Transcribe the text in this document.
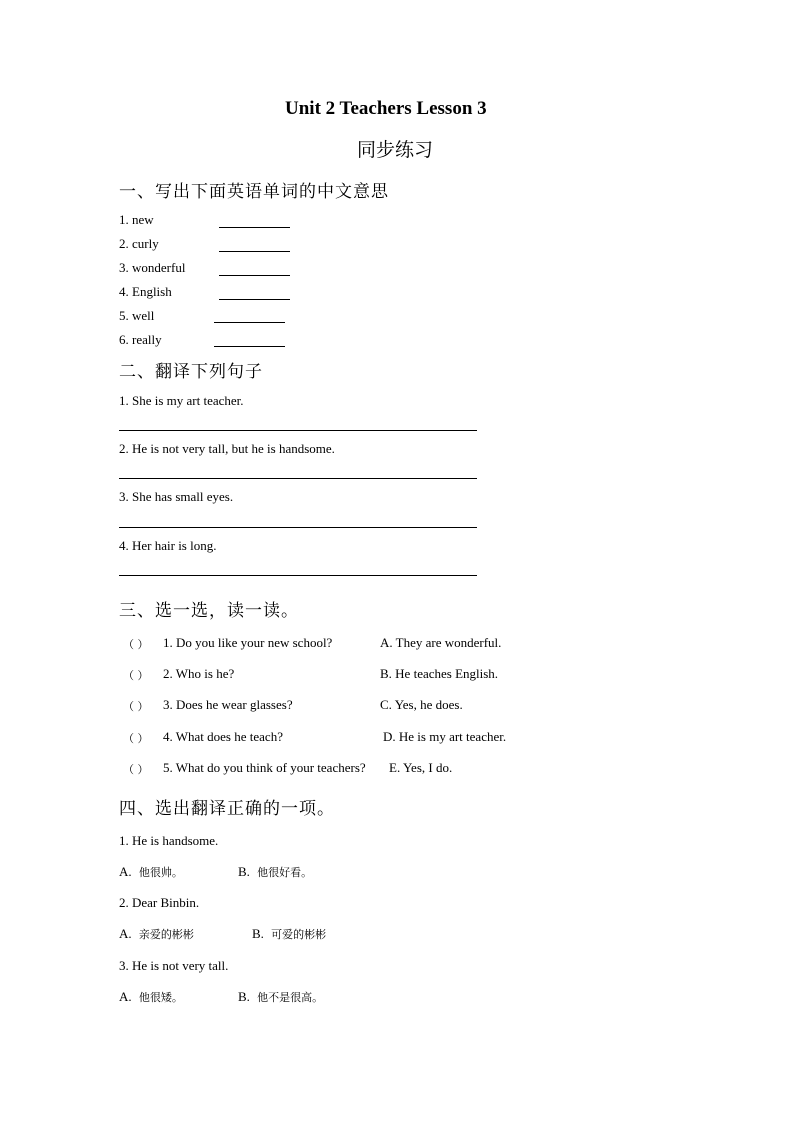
Unit 2 Teachers Lesson 3
同步练习
一、写出下面英语单词的中文意思
1. new
2. curly
3. wonderful
4. English
5. well
6. really
二、翻译下列句子
1. She is my art teacher.
2. He is not very tall, but he is handsome.
3. She has small eyes.
4. Her hair is long.
三、选一选，读一读。
（ ） 1. Do you like your new school?	A. They are wonderful.
（ ） 2. Who is he?	B. He teaches English.
（ ） 3. Does he wear glasses?	C. Yes, he does.
（ ） 4. What does he teach?	D. He is my art teacher.
（ ） 5. What do you think of your teachers? E. Yes, I do.
四、选出翻译正确的一项。
1. He is handsome.
A. 他很帅。	B. 他很好看。
2. Dear Binbin.
A. 亲爱的彬彬	B. 可爱的彬彬
3. He is not very tall.
A. 他很矮。	B. 他不是很高。
